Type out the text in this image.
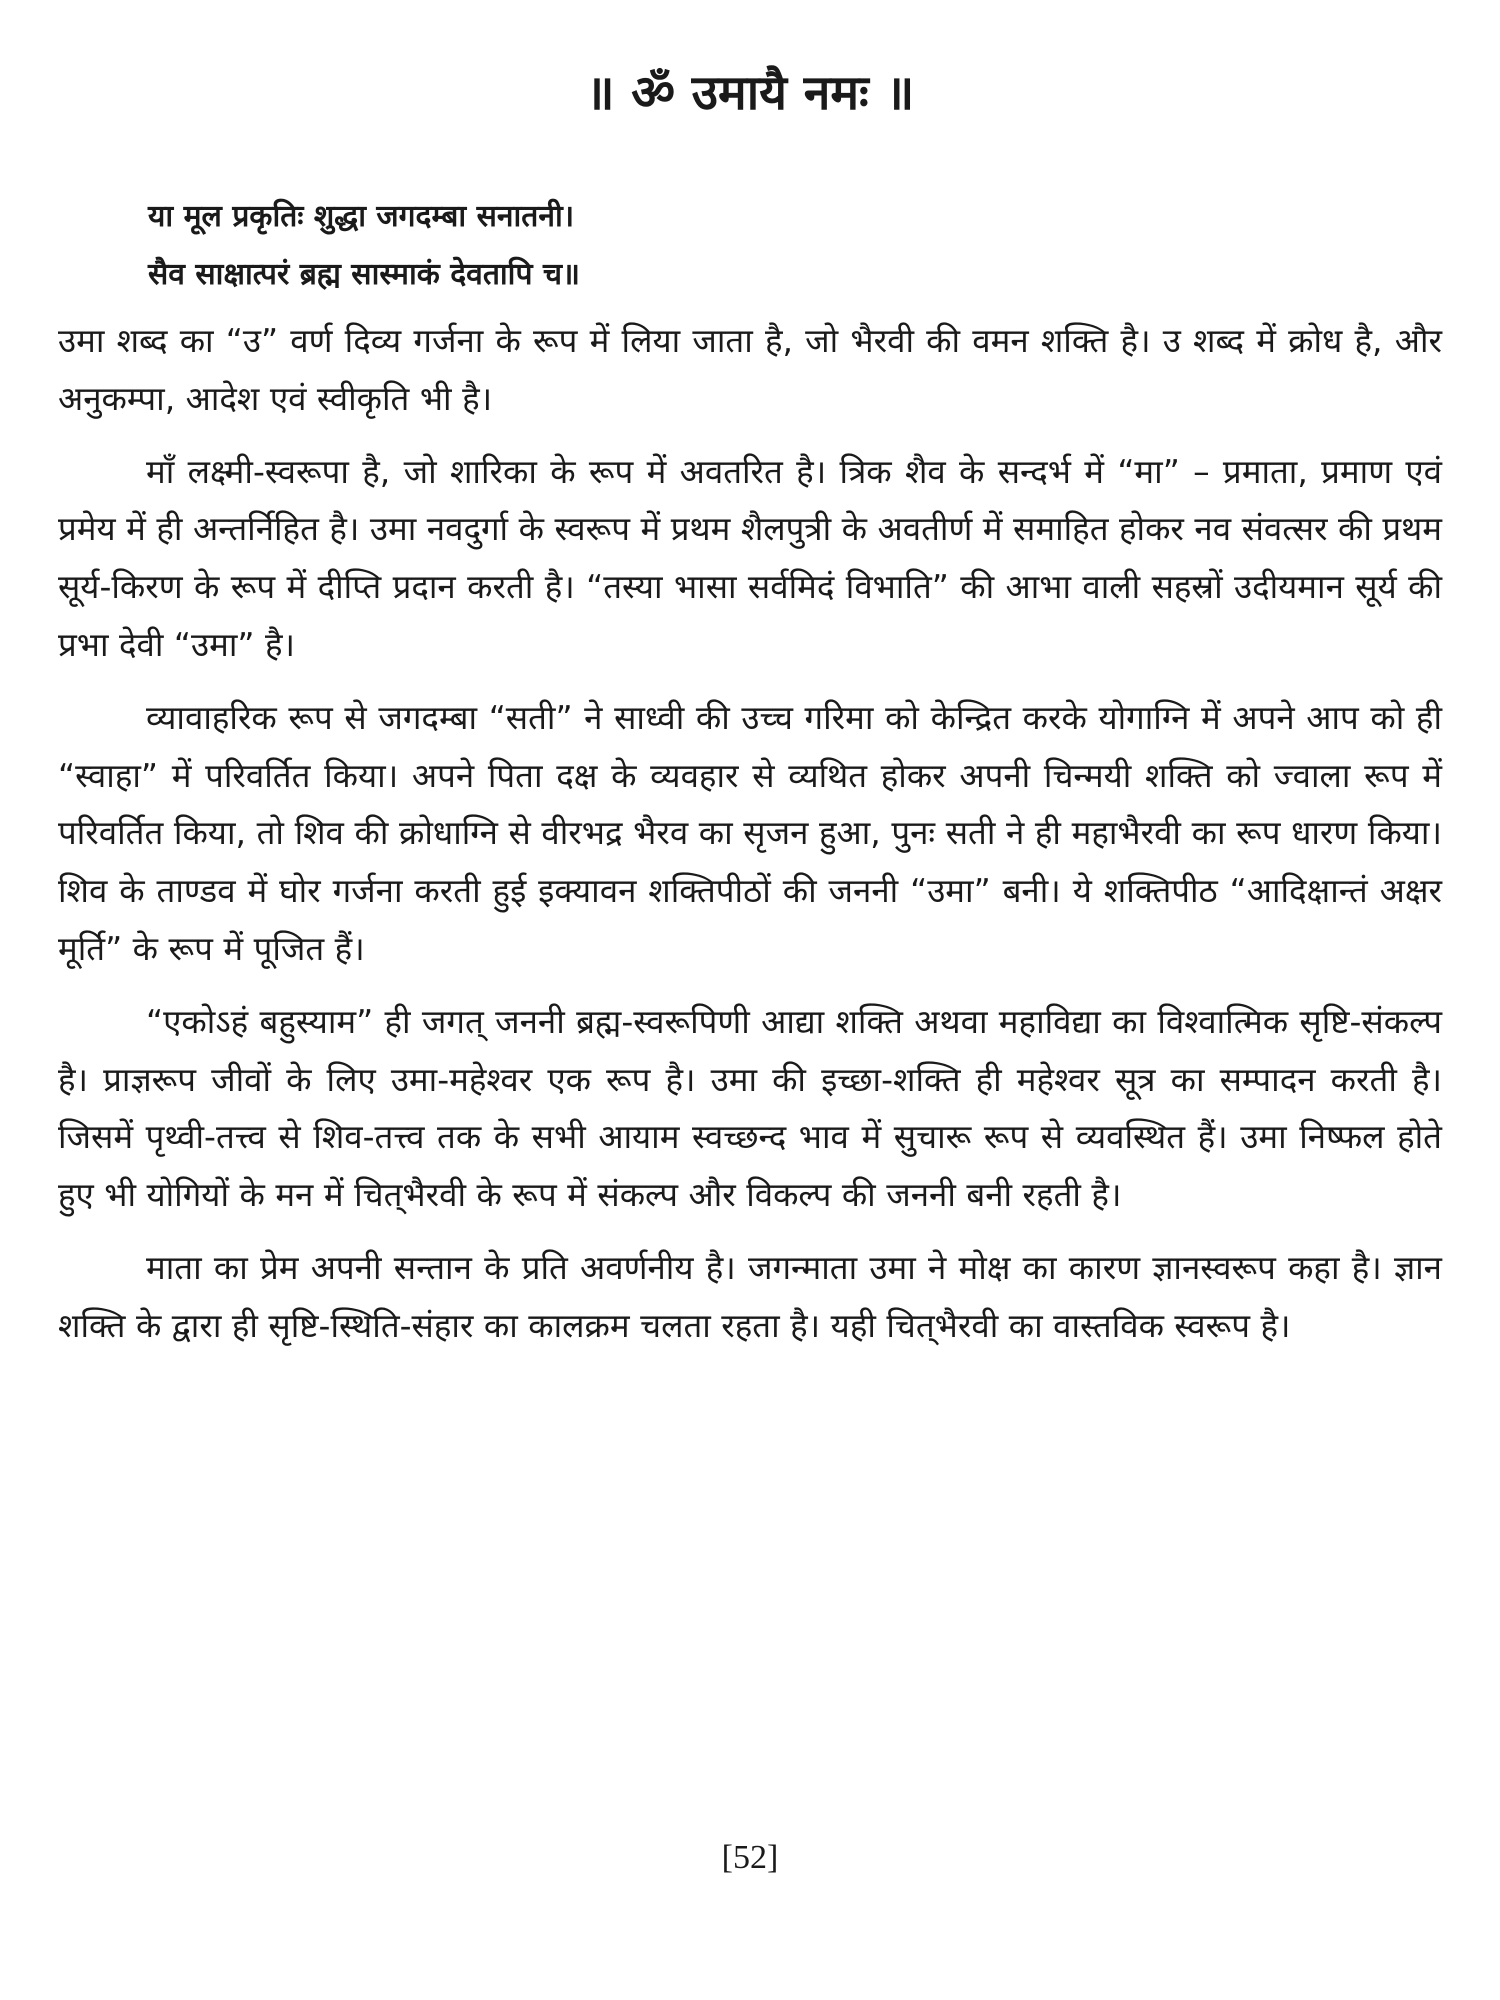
॥ ॐ उमायै नमः ॥
या मूल प्रकृतिः शुद्धा जगदम्बा सनातनी।
सैव साक्षात्परं ब्रह्म सास्माकं देवतापि च॥

उमा शब्द का “उ” वर्ण दिव्य गर्जना के रूप में लिया जाता है, जो भैरवी की वमन शक्ति है। उ शब्द में क्रोध है, और अनुकम्पा, आदेश एवं स्वीकृति भी है।

माँ लक्ष्मी-स्वरूपा है, जो शारिका के रूप में अवतरित है। त्रिक शैव के सन्दर्भ में “मा” – प्रमाता, प्रमाण एवं प्रमेय में ही अन्तर्निहित है। उमा नवदुर्गा के स्वरूप में प्रथम शैलपुत्री के अवतीर्ण में समाहित होकर नव संवत्सर की प्रथम सूर्य-किरण के रूप में दीप्ति प्रदान करती है। “तस्या भासा सर्वमिदं विभाति” की आभा वाली सहस्रों उदीयमान सूर्य की प्रभा देवी “उमा” है।

व्यावाहरिक रूप से जगदम्बा “सती” ने साध्वी की उच्च गरिमा को केन्द्रित करके योगाग्नि में अपने आप को ही “स्वाहा” में परिवर्तित किया। अपने पिता दक्ष के व्यवहार से व्यथित होकर अपनी चिन्मयी शक्ति को ज्वाला रूप में परिवर्तित किया, तो शिव की क्रोधाग्नि से वीरभद्र भैरव का सृजन हुआ, पुनः सती ने ही महाभैरवी का रूप धारण किया। शिव के ताण्डव में घोर गर्जना करती हुई इक्यावन शक्तिपीठों की जननी “उमा” बनी। ये शक्तिपीठ “आदिक्षान्तं अक्षर मूर्ति” के रूप में पूजित हैं।

“एकोऽहं बहुस्याम” ही जगत् जननी ब्रह्म-स्वरूपिणी आद्या शक्ति अथवा महाविद्या का विश्वात्मिक सृष्टि-संकल्प है। प्राज्ञरूप जीवों के लिए उमा-महेश्वर एक रूप है। उमा की इच्छा-शक्ति ही महेश्वर सूत्र का सम्पादन करती है। जिसमें पृथ्वी-तत्त्व से शिव-तत्त्व तक के सभी आयाम स्वच्छन्द भाव में सुचारू रूप से व्यवस्थित हैं। उमा निष्फल होते हुए भी योगियों के मन में चित्‌भैरवी के रूप में संकल्प और विकल्प की जननी बनी रहती है।

माता का प्रेम अपनी सन्तान के प्रति अवर्णनीय है। जगन्माता उमा ने मोक्ष का कारण ज्ञानस्वरूप कहा है। ज्ञान शक्ति के द्वारा ही सृष्टि-स्थिति-संहार का कालक्रम चलता रहता है। यही चित्‌भैरवी का वास्तविक स्वरूप है।

[52]
